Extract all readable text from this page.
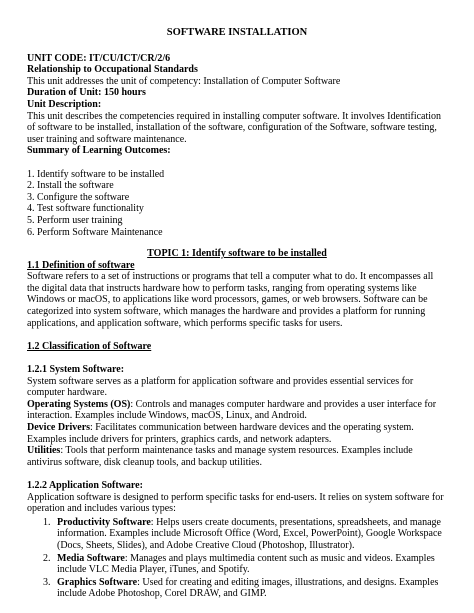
SOFTWARE INSTALLATION

UNIT CODE: IT/CU/ICT/CR/2/6

Relationship to Occupational Standards

This unit addresses the unit of competency: Installation of Computer Software

Duration of Unit: 150 hours

Unit Description:

This unit describes the competencies required in installing computer software. It involves Identification of software to be installed, installation of the software, configuration of the Software, software testing, user training and software maintenance.

Summary of Learning Outcomes:

1. Identify software to be installed
2. Install the software
3. Configure the software
4. Test software functionality
5. Perform user training
6. Perform Software Maintenance

TOPIC 1: Identify software to be installed

1.1 Definition of software

Software refers to a set of instructions or programs that tell a computer what to do. It encompasses all the digital data that instructs hardware how to perform tasks, ranging from operating systems like Windows or macOS, to applications like word processors, games, or web browsers. Software can be categorized into system software, which manages the hardware and provides a platform for running applications, and application software, which performs specific tasks for users.

1.2 Classification of Software

1.2.1 System Software:

System software serves as a platform for application software and provides essential services for computer hardware.

Operating Systems (OS): Controls and manages computer hardware and provides a user interface for interaction. Examples include Windows, macOS, Linux, and Android.

Device Drivers: Facilitates communication between hardware devices and the operating system. Examples include drivers for printers, graphics cards, and network adapters.

Utilities: Tools that perform maintenance tasks and manage system resources. Examples include antivirus software, disk cleanup tools, and backup utilities.

1.2.2 Application Software:

Application software is designed to perform specific tasks for end-users. It relies on system software for operation and includes various types:

1. Productivity Software: Helps users create documents, presentations, spreadsheets, and manage information. Examples include Microsoft Office (Word, Excel, PowerPoint), Google Workspace (Docs, Sheets, Slides), and Adobe Creative Cloud (Photoshop, Illustrator).
2. Media Software: Manages and plays multimedia content such as music and videos. Examples include VLC Media Player, iTunes, and Spotify.
3. Graphics Software: Used for creating and editing images, illustrations, and designs. Examples include Adobe Photoshop, Corel DRAW, and GIMP.
